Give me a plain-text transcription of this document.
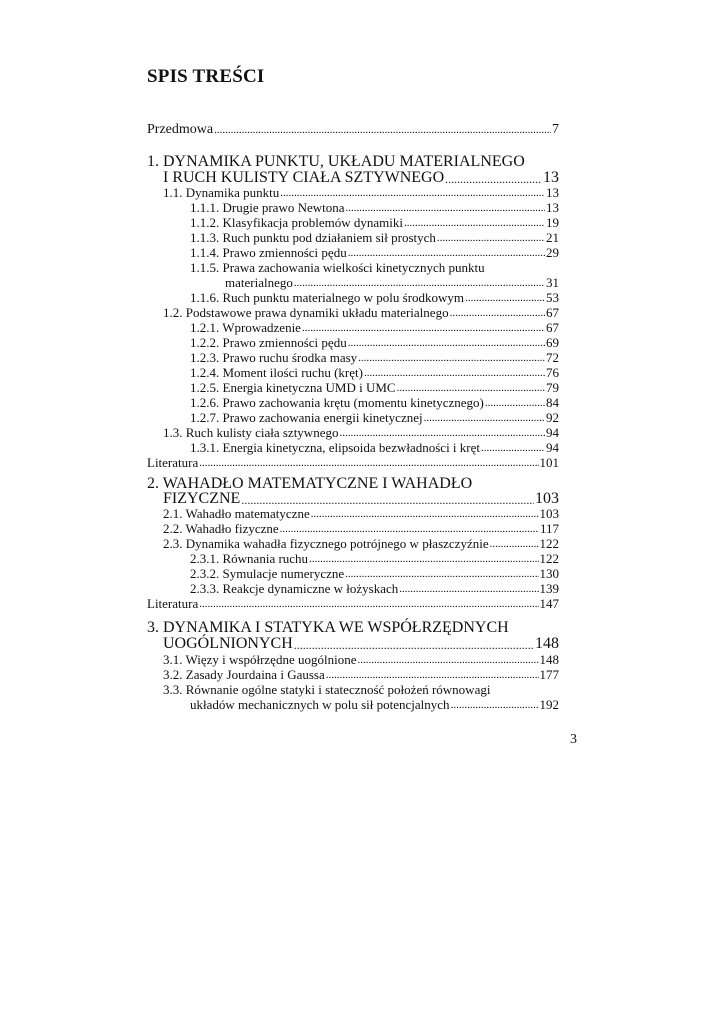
SPIS TREŚCI
Przedmowa .....	7
1. DYNAMIKA PUNKTU, UKŁADU MATERIALNEGO
I RUCH KULISTY CIAŁA SZTYWNEGO .....	13
1.1. Dynamika punktu .....	13
1.1.1. Drugie prawo Newtona .....	13
1.1.2. Klasyfikacja problemów dynamiki .....	19
1.1.3. Ruch punktu pod działaniem sił prostych .....	21
1.1.4. Prawo zmienności pędu .....	29
1.1.5. Prawa zachowania wielkości kinetycznych punktu
materialnego .....	31
1.1.6. Ruch punktu materialnego w polu środkowym .....	53
1.2. Podstawowe prawa dynamiki układu materialnego .....	67
1.2.1. Wprowadzenie .....	67
1.2.2. Prawo zmienności pędu .....	69
1.2.3. Prawo ruchu środka masy .....	72
1.2.4. Moment ilości ruchu (kręt) .....	76
1.2.5. Energia kinetyczna UMD i UMC .....	79
1.2.6. Prawo zachowania krętu (momentu kinetycznego) .....	84
1.2.7. Prawo zachowania energii kinetycznej .....	92
1.3. Ruch kulisty ciała sztywnego .....	94
1.3.1. Energia kinetyczna, elipsoida bezwładności i kręt .....	94
Literatura .....	101
2. WAHADŁO MATEMATYCZNE I WAHADŁO
FIZYCZNE .....	103
2.1. Wahadło matematyczne .....	103
2.2. Wahadło fizyczne .....	117
2.3. Dynamika wahadła fizycznego potrójnego w płaszczyźnie .....	122
2.3.1. Równania ruchu .....	122
2.3.2. Symulacje numeryczne .....	130
2.3.3. Reakcje dynamiczne w łożyskach .....	139
Literatura .....	147
3. DYNAMIKA I STATYKA WE WSPÓŁRZĘDNYCH
UOGÓLNIONYCH .....	148
3.1. Więzy i współrzędne uogólnione .....	148
3.2. Zasady Jourdaina i Gaussa .....	177
3.3. Równanie ogólne statyki i stateczność położeń równowagi
układów mechanicznych w polu sił potencjalnych .....	192
3
